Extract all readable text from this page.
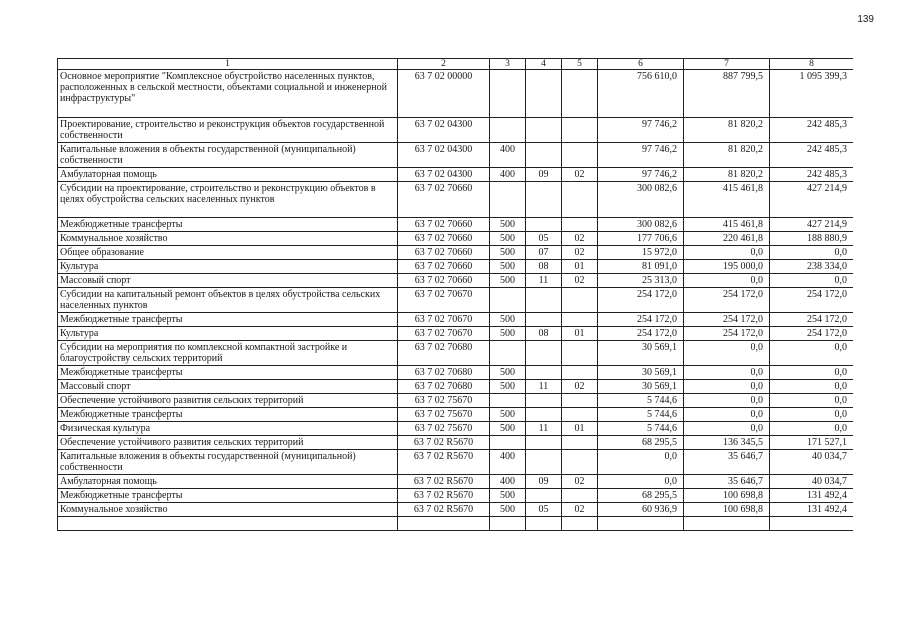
139
1	2	3	4	5	6	7	8
Основное мероприятие "Комплексное обустройство населенных пунктов, расположенных в сельской местности, объектами социальной и инженерной инфраструктуры"	63 7 02 00000				756 610,0	887 799,5	1 095 399,3
Проектирование, строительство и реконструкция объектов государственной собственности	63 7 02 04300				97 746,2	81 820,2	242 485,3
Капитальные вложения в объекты государственной (муниципальной) собственности	63 7 02 04300	400			97 746,2	81 820,2	242 485,3
Амбулаторная помощь	63 7 02 04300	400	09	02	97 746,2	81 820,2	242 485,3
Субсидии на проектирование, строительство и реконструкцию объектов в целях обустройства сельских населенных пунктов	63 7 02 70660				300 082,6	415 461,8	427 214,9
Межбюджетные трансферты	63 7 02 70660	500			300 082,6	415 461,8	427 214,9
Коммунальное хозяйство	63 7 02 70660	500	05	02	177 706,6	220 461,8	188 880,9
Общее образование	63 7 02 70660	500	07	02	15 972,0	0,0	0,0
Культура	63 7 02 70660	500	08	01	81 091,0	195 000,0	238 334,0
Массовый спорт	63 7 02 70660	500	11	02	25 313,0	0,0	0,0
Субсидии на капитальный ремонт объектов в целях обустройства сельских населенных пунктов	63 7 02 70670				254 172,0	254 172,0	254 172,0
Межбюджетные трансферты	63 7 02 70670	500			254 172,0	254 172,0	254 172,0
Культура	63 7 02 70670	500	08	01	254 172,0	254 172,0	254 172,0
Субсидии на мероприятия по комплексной компактной застройке и благоустройству сельских территорий	63 7 02 70680				30 569,1	0,0	0,0
Межбюджетные трансферты	63 7 02 70680	500			30 569,1	0,0	0,0
Массовый спорт	63 7 02 70680	500	11	02	30 569,1	0,0	0,0
Обеспечение устойчивого развития сельских территорий	63 7 02 75670				5 744,6	0,0	0,0
Межбюджетные трансферты	63 7 02 75670	500			5 744,6	0,0	0,0
Физическая культура	63 7 02 75670	500	11	01	5 744,6	0,0	0,0
Обеспечение устойчивого развития сельских территорий	63 7 02 R5670				68 295,5	136 345,5	171 527,1
Капитальные вложения в объекты государственной (муниципальной) собственности	63 7 02 R5670	400			0,0	35 646,7	40 034,7
Амбулаторная помощь	63 7 02 R5670	400	09	02	0,0	35 646,7	40 034,7
Межбюджетные трансферты	63 7 02 R5670	500			68 295,5	100 698,8	131 492,4
Коммунальное хозяйство	63 7 02 R5670	500	05	02	60 936,9	100 698,8	131 492,4
